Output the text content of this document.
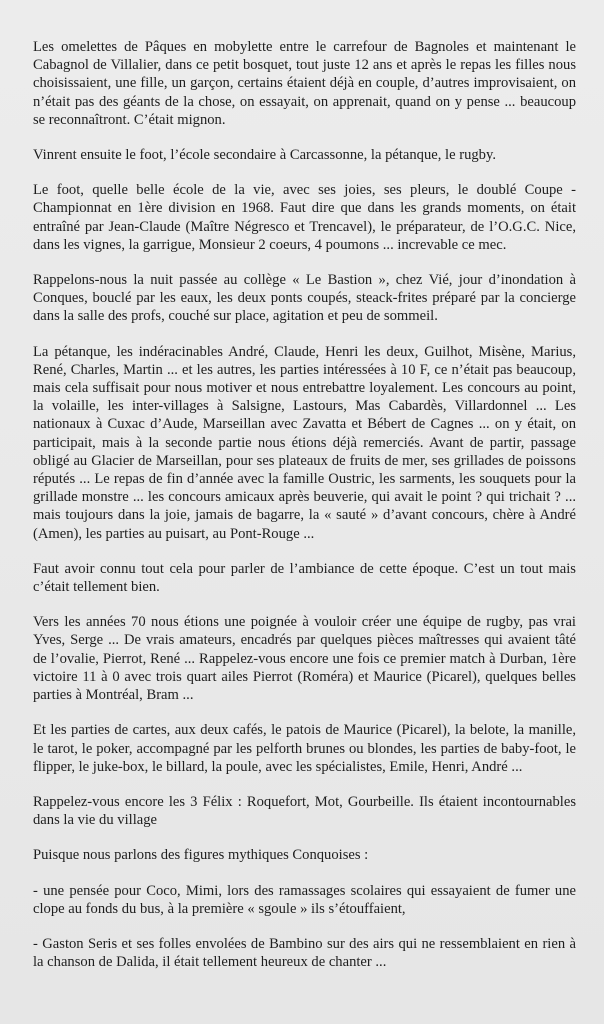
Les omelettes de Pâques en mobylette entre le carrefour de Bagnoles et maintenant le Cabagnol de Villalier, dans ce petit bosquet, tout juste 12 ans et après le repas les filles nous choisissaient, une fille, un garçon, certains étaient déjà en couple, d’autres improvisaient, on n’était pas des géants de la chose, on essayait, on apprenait, quand on y pense ... beaucoup se reconnaîtront. C’était mignon.

Vinrent ensuite le foot, l’école secondaire à Carcassonne, la pétanque, le rugby.

Le foot, quelle belle école de la vie, avec ses joies, ses pleurs, le doublé Coupe - Championnat en 1ère division en 1968. Faut dire que dans les grands moments, on était entraîné par Jean-Claude (Maître Négresco et Trencavel), le préparateur, de l’O.G.C. Nice, dans les vignes, la garrigue, Monsieur 2 coeurs, 4 poumons ... increvable ce mec.

Rappelons-nous la nuit passée au collège « Le Bastion », chez Vié, jour d’inondation à Conques, bouclé par les eaux, les deux ponts coupés, steack-frites préparé par la concierge dans la salle des profs, couché sur place, agitation et peu de sommeil.

La pétanque, les indéracinables André, Claude, Henri les deux, Guilhot, Misène, Marius, René, Charles, Martin ... et les autres, les parties intéressées à 10 F, ce n’était pas beaucoup, mais cela suffisait pour nous motiver et nous entrebattre loyalement. Les concours au point, la volaille, les inter-villages à Salsigne, Lastours, Mas Cabardès, Villardonnel ... Les nationaux à Cuxac d’Aude, Marseillan avec Zavatta et Bébert de Cagnes ... on y était, on participait, mais à la seconde partie nous étions déjà remerciés. Avant de partir, passage obligé au Glacier de Marseillan, pour ses plateaux de fruits de mer, ses grillades de poissons réputés ... Le repas de fin d’année avec la famille Oustric, les sarments, les souquets pour la grillade monstre ... les concours amicaux après beuverie, qui avait le point ? qui trichait ? ... mais toujours dans la joie, jamais de bagarre, la « sauté » d’avant concours, chère à André (Amen), les parties au puisart, au Pont-Rouge ...

Faut avoir connu tout cela pour parler de l’ambiance de cette époque. C’est un tout mais c’était tellement bien.

Vers les années 70 nous étions une poignée à vouloir créer une équipe de rugby, pas vrai Yves, Serge ... De vrais amateurs, encadrés par quelques pièces maîtresses qui avaient tâté de l’ovalie, Pierrot, René ... Rappelez-vous encore une fois ce premier match à Durban, 1ère victoire 11 à 0 avec trois quart ailes Pierrot (Roméra) et Maurice (Picarel), quelques belles parties à Montréal, Bram ...

Et les parties de cartes, aux deux cafés, le patois de Maurice (Picarel), la belote, la manille, le tarot, le poker, accompagné par les pelforth brunes ou blondes, les parties de baby-foot, le flipper, le juke-box, le billard, la poule, avec les spécialistes, Emile, Henri, André ...

Rappelez-vous encore les 3 Félix : Roquefort, Mot, Gourbeille. Ils étaient incontournables dans la vie du village

Puisque nous parlons des figures mythiques Conquoises :

- une pensée pour Coco, Mimi, lors des ramassages scolaires qui essayaient de fumer une clope au fonds du bus, à la première « sgoule » ils s’étouffaient,

- Gaston Seris et ses folles envolées de Bambino sur des airs qui ne ressemblaient en rien à la chanson de Dalida, il était tellement heureux de chanter ...
